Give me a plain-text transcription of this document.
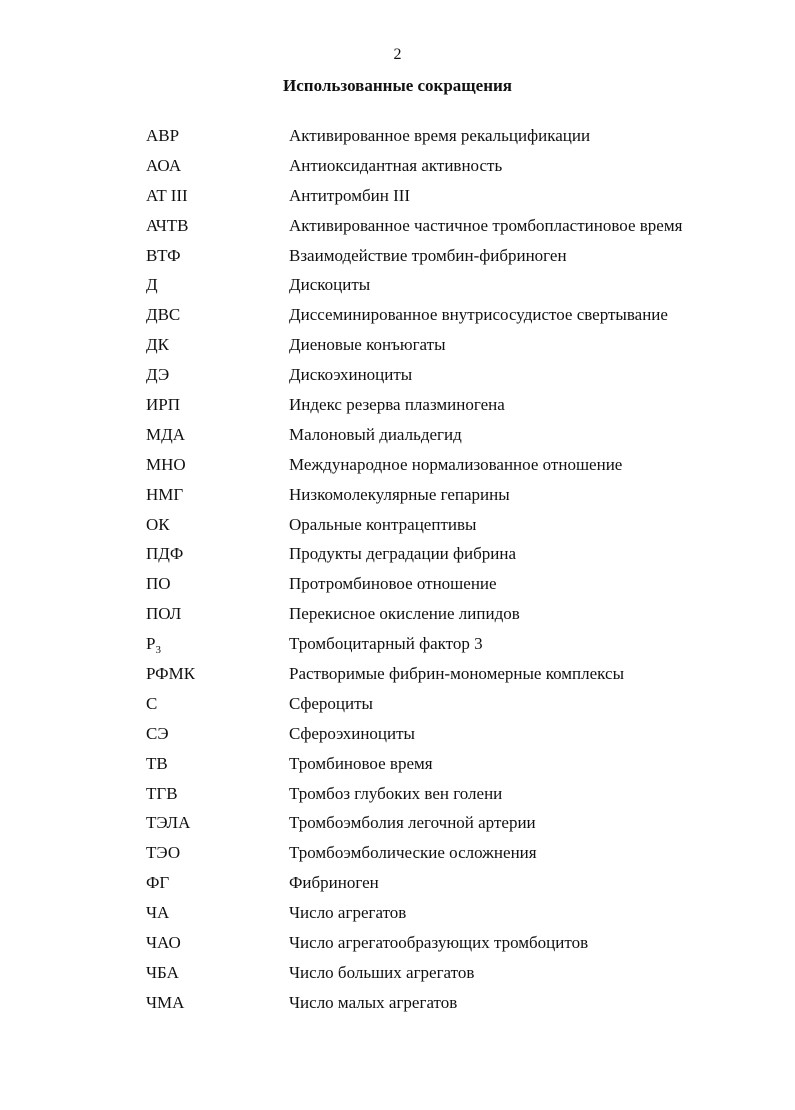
2
Использованные сокращения
АВР	Активированное время рекальцификации
АОА	Антиоксидантная активность
AT III	Антитромбин III
АЧТВ	Активированное частичное тромбопластиновое время
ВТФ	Взаимодействие тромбин-фибриноген
Д	Дискоциты
ДВС	Диссеминированное внутрисосудистое свертывание
ДК	Диеновые конъюгаты
ДЭ	Дискоэхиноциты
ИРП	Индекс резерва плазминогена
МДА	Малоновый диальдегид
МНО	Международное нормализованное отношение
НМГ	Низкомолекулярные гепарины
ОК	Оральные контрацептивы
ПДФ	Продукты деградации фибрина
ПО	Протромбиновое отношение
ПОЛ	Перекисное окисление липидов
P 3	Тромбоцитарный фактор 3
РФМК	Растворимые фибрин-мономерные комплексы
С	Сфероциты
СЭ	Сфероэхиноциты
ТВ	Тромбиновое время
ТГВ	Тромбоз глубоких вен голени
ТЭЛА	Тромбоэмболия легочной артерии
ТЭО	Тромбоэмболические осложнения
ФГ	Фибриноген
ЧА	Число агрегатов
ЧАО	Число агрегатообразующих тромбоцитов
ЧБА	Число больших агрегатов
ЧМА	Число малых агрегатов
